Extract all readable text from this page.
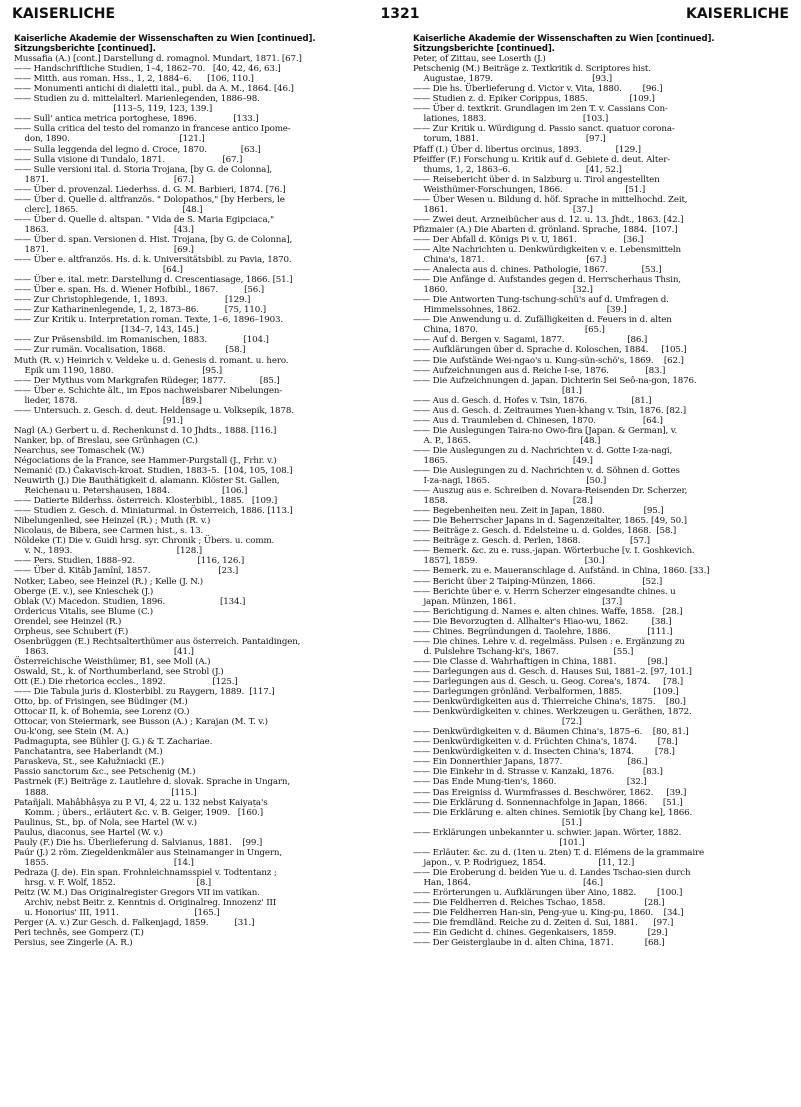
KAISERLICHE	1321	KAISERLICHE
Kaiserliche Akademie der Wissenschaften zu Wien [continued].
Sitzungsberichte [continued].
Mussafia (A.) [cont.] Darstellung d. romagnol. Mundart, 1871. [67.]
—— Handschriftliche Studien, 1–4, 1862–70.   [40, 42, 46, 63.]
—— Mitth. aus roman. Hss., 1, 2, 1884–6.      [106, 110.]
—— Monumenti antichi di dialetti ital., publ. da A. M., 1864. [46.]
—— Studien zu d. mittelalterl. Marienlegenden, 1886–98.
[113–5, 119, 123, 139.]
—— Sull' antica metrica portoghese, 1896.              [133.]
—— Sulla critica del testo del romanzo in francese antico Ipome-
don, 1890.                                          [121.]
—— Sulla leggenda del legno d. Croce, 1870.             [63.]
—— Sulla visione di Tundalo, 1871.                      [67.]
—— Sulle versioni ital. d. Storia Trojana, [by G. de Colonna],
1871.                                                [67.]
—— Über d. provenzal. Liederhss. d. G. M. Barbieri, 1874. [76.]
—— Über d. Quelle d. altfranzös. " Dolopathos," [by Herbers, le
clerc], 1865.                                        [48.]
—— Über d. Quelle d. altspan. " Vida de S. Maria Egipciaca,"
1863.                                                [43.]
—— Über d. span. Versionen d. Hist. Trojana, [by G. de Colonna],
1871.                                                [69.]
—— Über e. altfranzös. Hs. d. k. Universitätsbibl. zu Pavia, 1870.
[64.]
—— Über e. ital. metr. Darstellung d. Crescentiasage, 1866. [51.]
—— Über e. span. Hs. d. Wiener Hofbibl., 1867.          [56.]
—— Zur Christophlegende, 1, 1893.                      [129.]
—— Zur Katharinenlegende, 1, 2, 1873–86.          [75, 110.]
—— Zur Kritik u. Interpretation roman. Texte, 1–6, 1896–1903.
[134–7, 143, 145.]
—— Zur Präsensbild. im Romanischen, 1883.              [104.]
—— Zur rumän. Vocalisation, 1868.                       [58.]
Muth (R. v.) Heinrich v. Veldeke u. d. Genesis d. romant. u. hero.
Epik um 1190, 1880.                                  [95.]
—— Der Mythus vom Markgrafen Rüdeger, 1877.             [85.]
—— Über e. Schichte ält., im Epos nachweisbarer Nibelungen-
lieder, 1878.                                        [89.]
—— Untersuch. z. Gesch. d. deut. Heldensage u. Volksepik, 1878.
[91.]
Nagl (A.) Gerbert u. d. Rechenkunst d. 10 Jhdts., 1888. [116.]
Nanker, bp. of Breslau, see Grünhagen (C.)
Nearchus, see Tomaschek (W.)
Négociations de la France, see Hammer-Purgstall (J., Frhr. v.)
Nemanić (D.) Čakavisch-kroat. Studien, 1883–5.  [104, 105, 108.]
Neuwirth (J.) Die Bauthätigkeit d. alamann. Klöster St. Gallen,
Reichenau u. Petershausen, 1884.                    [106.]
—— Datierte Bilderhss. österreich. Klosterbibl., 1885.   [109.]
—— Studien z. Gesch. d. Miniaturmal. in Österreich, 1886. [113.]
Nibelungenlied, see Heinzel (R.) ; Muth (R. v.)
Nicolaus, de Bibera, see Carmen hist., s. 13.
Nöldeke (T.) Die v. Guidi hrsg. syr. Chronik ; Übers. u. comm.
v. N., 1893.                                        [128.]
—— Pers. Studien, 1888–92.                        [116, 126.]
—— Über d. Kitâb Jamînî, 1857.                          [23.]
Notker, Labeo, see Heinzel (R.) ; Kelle (J. N.)
Oberge (E. v.), see Knieschek (J.)
Oblak (V.) Macedon. Studien, 1896.                     [134.]
Ordericus Vitalis, see Blume (C.)
Orendel, see Heinzel (R.)
Orpheus, see Schubert (F.)
Osenbrüggen (E.) Rechtsalterthümer aus österreich. Pantaidingen,
1863.                                                [41.]
Österreichische Weisthümer, B1, see Moll (A.)
Oswald, St., k. of Northumberland, see Strobl (J.)
Ott (E.) Die rhetorica eccles., 1892.                  [125.]
—— Die Tabula juris d. Klosterbibl. zu Raygern, 1889.  [117.]
Otto, bp. of Frisingen, see Büdinger (M.)
Ottocar II, k. of Bohemia, see Lorenz (O.)
Ottocar, von Steiermark, see Busson (A.) ; Karajan (M. T. v.)
Ou-k'ong, see Stein (M. A.)
Padmagupta, see Bühler (J. G.) & T. Zachariae.
Panchatantra, see Haberlandt (M.)
Paraskeva, St., see Kałužniacki (E.)
Passio sanctorum &c., see Petschenig (M.)
Pastrnek (F.) Beiträge z. Lautlehre d. slovak. Sprache in Ungarn,
1888.                                               [115.]
Patañjali. Mahâbhâṣya zu P. VI, 4, 22 u. 132 nebst Kaiyaṭa's
Komm. ; übers., erläutert &c. v. B. Geiger, 1909.   [160.]
Paulinus, St., bp. of Nola, see Hartel (W. v.)
Paulus, diaconus, see Hartel (W. v.)
Pauly (F.) Die hs. Überlieferung d. Salvianus, 1881.    [99.]
Paúr (J.) 2 röm. Ziegeldenkmäler aus Steinamanger in Ungern,
1855.                                                [14.]
Pedraza (J. de). Ein span. Frohnleichnamsspiel v. Todtentanz ;
hrsg. v. F. Wolf, 1852.                               [8.]
Peitz (W. M.) Das Originalregister Gregors VII im vatikan.
Archiv, nebst Beitr. z. Kenntnis d. Originalreg. Innozenz' III
u. Honorius' III, 1911.                             [165.]
Perger (A. v.) Zur Gesch. d. Falkenjagd, 1859.          [31.]
Peri technês, see Gomperz (T.)
Persius, see Zingerle (A. R.)
Kaiserliche Akademie der Wissenschaften zu Wien [continued].
Sitzungsberichte [continued].
Peter, of Zittau, see Loserth (J.)
Petschenig (M.) Beiträge z. Textkritik d. Scriptores hist.
Augustae, 1879.                                      [93.]
—— Die hs. Überlieferung d. Victor v. Vita, 1880.        [96.]
—— Studien z. d. Epiker Corippus, 1885.                [109.]
—— Über d. textkrit. Grundlagen im 2en T. v. Cassians Con-
lationes, 1883.                                     [103.]
—— Zur Kritik u. Würdigung d. Passio sanct. quatuor corona-
torum, 1881.                                         [97.]
Pfaff (I.) Über d. libertus orcinus, 1893.             [129.]
Pfeiffer (F.) Forschung u. Kritik auf d. Gebiete d. deut. Alter-
thums, 1, 2, 1863–6.                             [41, 52.]
—— Reisebericht über d. in Salzburg u. Tirol angestellten
Weisthümer-Forschungen, 1866.                        [51.]
—— Über Wesen u. Bildung d. höf. Sprache in mittelhochd. Zeit,
1861.                                                [37.]
—— Zwei deut. Arzneibücher aus d. 12. u. 13. Jhdt., 1863. [42.]
Pfizmaier (A.) Die Abarten d. grönland. Sprache, 1884.  [107.]
—— Der Abfall d. Königs Pi v. U, 1861.                  [36.]
—— Alte Nachrichten u. Denkwürdigkeiten v. e. Lebensmitteln
China's, 1871.                                       [67.]
—— Analecta aus d. chines. Pathologie, 1867.             [53.]
—— Die Anfänge d. Aufstandes gegen d. Herrscherhaus Thsin,
1860.                                                [32.]
—— Die Antworten Tung-tschung-schü's auf d. Umfragen d.
Himmelssohnes, 1862.                                 [39.]
—— Die Anwendung u. d. Zufälligkeiten d. Feuers in d. alten
China, 1870.                                         [65.]
—— Auf d. Bergen v. Sagami, 1877.                        [86.]
—— Aufklärungen über d. Sprache d. Koloschen, 1884.     [105.]
—— Die Aufstände Wei-ngao's u. Kung-sün-schö's, 1869.    [62.]
—— Aufzeichnungen aus d. Reiche I-se, 1876.              [83.]
—— Die Aufzeichnungen d. japan. Dichterin Sei Seô-na-gon, 1876.
[81.]
—— Aus d. Gesch. d. Hofes v. Tsin, 1876.                 [81.]
—— Aus d. Gesch. d. Zeitraumes Yuen-khang v. Tsin, 1876. [82.]
—— Aus d. Traumleben d. Chinesen, 1870.                  [64.]
—— Die Auslegungen Taira-no Owo-fira [Japan. & German], v.
A. P., 1865.                                          [48.]
—— Die Auslegungen zu d. Nachrichten v. d. Gotte I-za-nagi,
1865.                                                [49.]
—— Die Auslegungen zu d. Nachrichten v. d. Söhnen d. Gottes
I-za-nagi, 1865.                                     [50.]
—— Auszug aus e. Schreiben d. Novara-Reisenden Dr. Scherzer,
1858.                                                [28.]
—— Begebenheiten neu. Zeit in Japan, 1880.               [95.]
—— Die Beherrscher Japans in d. Sagenzeitalter, 1865. [49, 50.]
—— Beiträge z. Gesch. d. Edelsteine u. d. Goldes, 1868.  [58.]
—— Beiträge z. Gesch. d. Perlen, 1868.                   [57.]
—— Bemerk. &c. zu e. russ.-japan. Wörterbuche [v. I. Goshkevich.
1857], 1859.                                         [30.]
—— Bemerk. zu e. Maueranschlage d. Aufständ. in China, 1860. [33.]
—— Bericht über 2 Taiping-Münzen, 1866.                  [52.]
—— Berichte über e. v. Herrn Scherzer eingesandte chines. u
japan. Münzen, 1861.                                 [37.]
—— Berichtigung d. Names e. alten chines. Waffe, 1858.   [28.]
—— Die Bevorzugten d. Allhalter's Hiao-wu, 1862.         [38.]
—— Chines. Begründungen d. Taolehre, 1886.              [111.]
—— Die chines. Lehre v. d. regelmäss. Pulsen : e. Ergänzung zu
d. Pulslehre Tschang-ki's, 1867.                     [55.]
—— Die Classe d. Wahrhaftigen in China, 1881.            [98.]
—— Darlegungen aus d. Gesch. d. Hauses Sui, 1881–2. [97, 101.]
—— Darlegungen aus d. Gesch. u. Geog. Corea's, 1874.     [78.]
—— Darlegungen grönländ. Verbalformen, 1885.            [109.]
—— Denkwürdigkeiten aus d. Thierreiche China's, 1875.    [80.]
—— Denkwürdigkeiten v. chines. Werkzeugen u. Geräthen, 1872.
[72.]
—— Denkwürdigkeiten v. d. Bäumen China's, 1875–6.    [80, 81.]
—— Denkwürdigkeiten v. d. Früchten China's, 1874.        [78.]
—— Denkwürdigkeiten v. d. Insecten China's, 1874.        [78.]
—— Ein Donnerthier Japans, 1877.                         [86.]
—— Die Einkehr in d. Strasse v. Kanzaki, 1876.           [83.]
—— Das Ende Mung-tien's, 1860.                           [32.]
—— Das Ereigniss d. Wurmfrasses d. Beschwörer, 1862.     [39.]
—— Die Erklärung d. Sonnennachfolge in Japan, 1866.      [51.]
—— Die Erklärung e. alten chines. Semiotik [by Chang ke], 1866.
[51.]
—— Erklärungen unbekannter u. schwier. japan. Wörter, 1882.
[101.]
—— Erläuter. &c. zu d. (1ten u. 2ten) T. d. Elémens de la grammaire
japon., v. P. Rodriguez, 1854.                    [11, 12.]
—— Die Eroberung d. beiden Yue u. d. Landes Tschao-sien durch
Han, 1864.                                           [46.]
—— Erörterungen u. Aufklärungen über Aino, 1882.        [100.]
—— Die Feldherren d. Reiches Tschao, 1858.               [28.]
—— Die Feldherren Han-sin, Peng-yue u. King-pu, 1860.    [34.]
—— Die fremdländ. Reiche zu d. Zeiten d. Sui, 1881.      [97.]
—— Ein Gedicht d. chines. Gegenkaisers, 1859.            [29.]
—— Der Geisterglaube in d. alten China, 1871.            [68.]
